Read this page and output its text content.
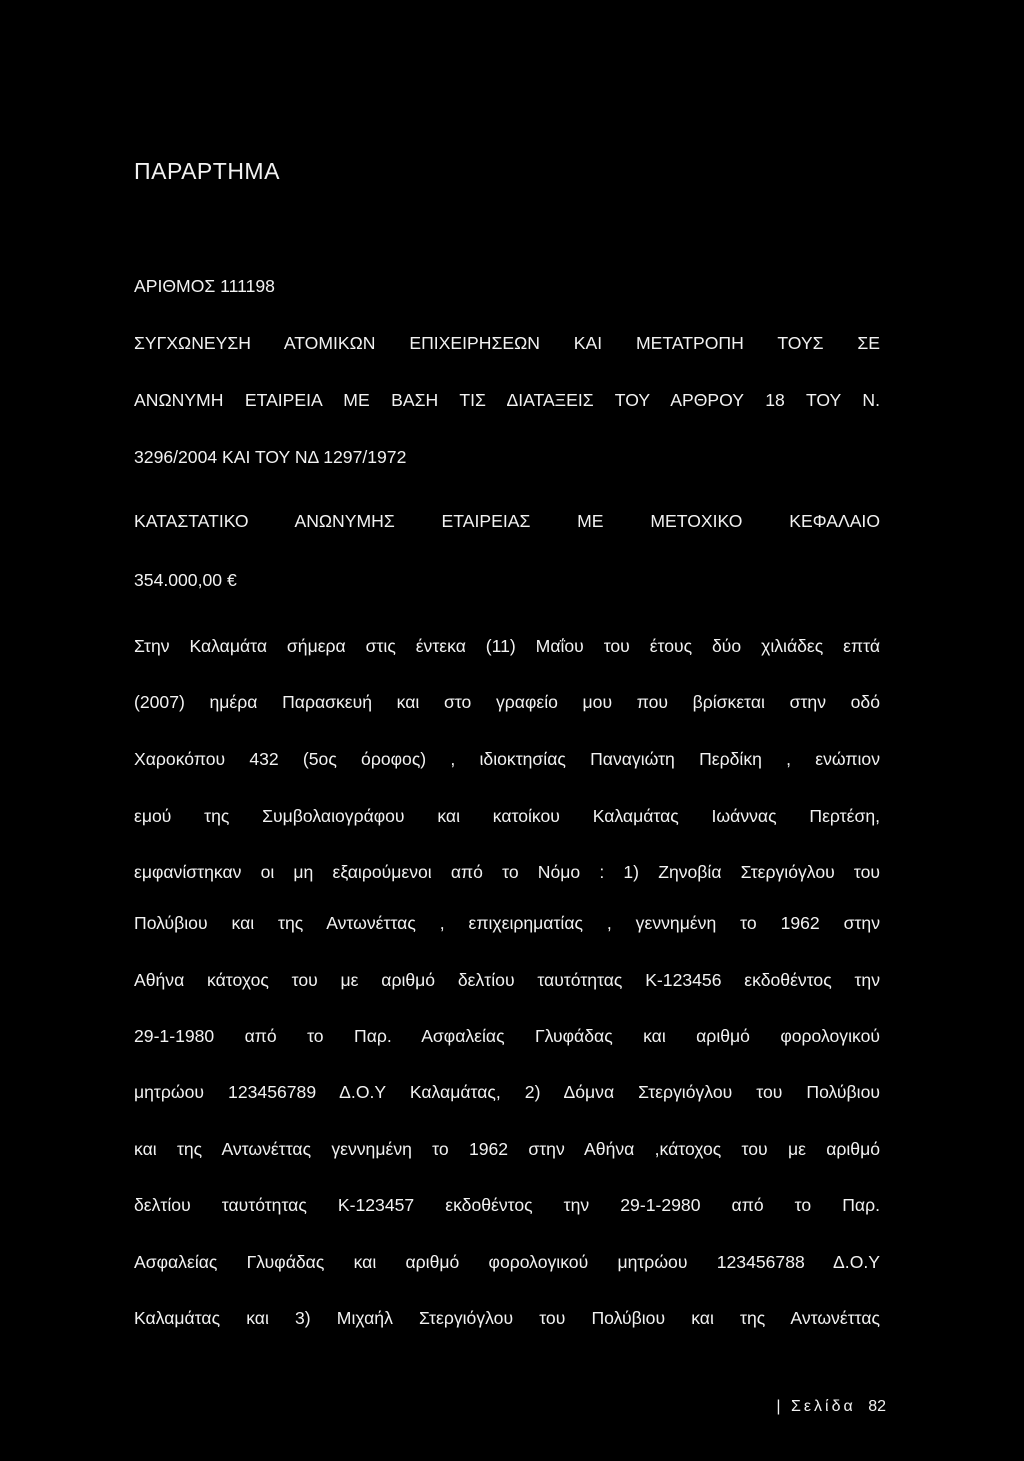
ΠΑΡΑΡΤΗΜΑ
ΑΡΙΘΜΟΣ 111198
ΣΥΓΧΩΝΕΥΣΗ ΑΤΟΜΙΚΩΝ ΕΠΙΧΕΙΡΗΣΕΩΝ ΚΑΙ ΜΕΤΑΤΡΟΠΗ ΤΟΥΣ ΣΕ
ΑΝΩΝΥΜΗ ΕΤΑΙΡΕΙΑ ΜΕ ΒΑΣΗ ΤΙΣ ΔΙΑΤΑΞΕΙΣ ΤΟΥ ΑΡΘΡΟΥ 18 ΤΟΥ Ν.
3296/2004 ΚΑΙ ΤΟΥ ΝΔ 1297/1972
ΚΑΤΑΣΤΑΤΙΚΟ ΑΝΩΝΥΜΗΣ ΕΤΑΙΡΕΙΑΣ ΜΕ ΜΕΤΟΧΙΚΟ ΚΕΦΑΛΑΙΟ
354.000,00 €
Στην Καλαμάτα σήμερα στις έντεκα (11) Μαΐου του έτους δύο χιλιάδες επτά
(2007) ημέρα Παρασκευή και στο γραφείο μου που βρίσκεται στην οδό
Χαροκόπου 432 (5ος όροφος) , ιδιοκτησίας Παναγιώτη Περδίκη , ενώπιον
εμού της Συμβολαιογράφου και κατοίκου Καλαμάτας Ιωάννας Περτέση,
εμφανίστηκαν οι μη εξαιρούμενοι από το Νόμο : 1) Ζηνοβία Στεργιόγλου του
Πολύβιου και της Αντωνέττας , επιχειρηματίας , γεννημένη το 1962 στην
Αθήνα κάτοχος του με αριθμό δελτίου ταυτότητας Κ-123456 εκδοθέντος την
29-1-1980 από το Παρ. Ασφαλείας Γλυφάδας και αριθμό φορολογικού
μητρώου 123456789 Δ.Ο.Υ Καλαμάτας, 2) Δόμνα Στεργιόγλου του Πολύβιου
και της Αντωνέττας γεννημένη το 1962 στην Αθήνα ,κάτοχος του με αριθμό
δελτίου ταυτότητας Κ-123457 εκδοθέντος την 29-1-2980 από το Παρ.
Ασφαλείας Γλυφάδας και αριθμό φορολογικού μητρώου 123456788 Δ.Ο.Υ
Καλαμάτας και 3) Μιχαήλ Στεργιόγλου του Πολύβιου και της Αντωνέττας
| Σελίδα 82
